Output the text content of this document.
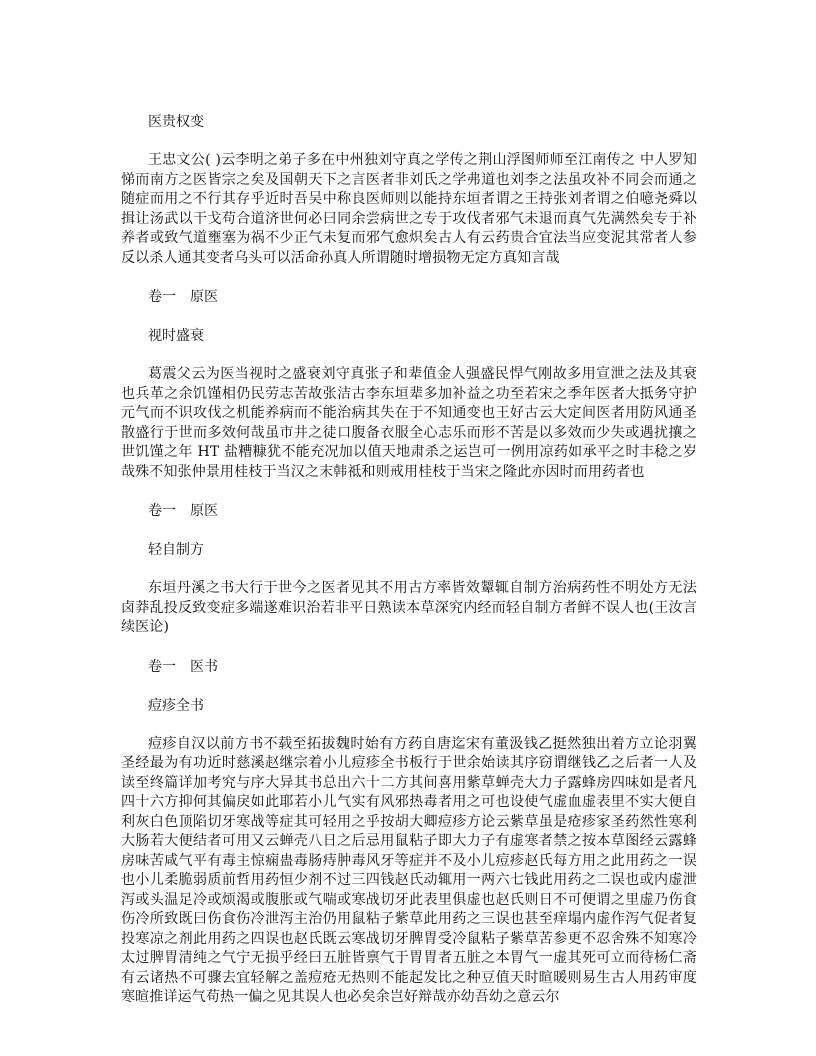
医贵权变

王忠文公( )云李明之弟子多在中州独刘守真之学传之荆山浮图师师至江南传之 中人罗知悌而南方之医皆宗之矣及国朝天下之言医者非刘氏之学弗道也刘李之法虽攻补不同会而通之随症而用之不行其存乎近时吾吴中称良医师则以能持东垣者谓之王持张刘者谓之伯噫尧舜以揖让汤武以干戈苟合道济世何必曰同余尝病世之专于攻伐者邪气未退而真气先满然矣专于补养者或致气道壅塞为祸不少正气未复而邪气愈炽矣古人有云药贵合宜法当应变泥其常者人参反以杀人通其变者乌头可以活命孙真人所谓随时增损物无定方真知言哉

卷一　原医
视时盛衰

葛震父云为医当视时之盛衰刘守真张子和辈值金人强盛民悍气刚故多用宣泄之法及其衰也兵革之余饥馑相仍民劳志苦故张洁古李东垣辈多加补益之功至若宋之季年医者大抵务守护元气而不识攻伐之机能养病而不能治病其失在于不知通变也王好古云大定间医者用防风通圣散盛行于世而多效何哉虽市井之徒口腹备衣服全心志乐而形不苦是以多效而少失或遇扰攘之世饥馑之年 HT 盐糟糠犹不能充况加以值天地肃杀之运岂可一例用凉药如承平之时丰稔之岁哉殊不知张仲景用桂枝于当汉之末韩祗和则戒用桂枝于当宋之隆此亦因时而用药者也

卷一　原医
轻自制方

东垣丹溪之书大行于世今之医者见其不用古方率皆效颦辄自制方治病药性不明处方无法卤莽乱投反致变症多端遂难识治若非平日熟读本草深究内经而轻自制方者鲜不误人也(王汝言续医论)

卷一　医书
痘疹全书

痘疹自汉以前方书不载至拓拔魏时始有方药自唐迄宋有董汲钱乙挺然独出着方立论羽翼圣经最为有功近时慈溪赵继宗着小儿痘疹全书板行于世余始读其序窃谓继钱乙之后者一人及读至终篇详加考究与序大异其书总出六十二方其间喜用紫草蝉壳大力子露蜂房四味如是者凡四十六方抑何其偏戾如此耶若小儿气实有风邪热毒者用之可也设使气虚血虚表里不实大便自利灰白色顶陷切牙寒战等症其可轻用之乎按胡大卿痘疹方论云紫草虽是疮疹家圣药然性寒利大肠若大便结者可用又云蝉壳八日之后忌用鼠粘子即大力子有虚寒者禁之按本草图经云露蜂房味苦咸气平有毒主惊痫蛊毒肠痔肿毒风牙等症并不及小儿痘疹赵氏每方用之此用药之一误也小儿柔脆弱质前哲用药恒少剂不过三四钱赵氏动辄用一两六七钱此用药之二误也或内虚泄泻或头温足冷或烦渴或腹胀或气喘或寒战切牙此表里俱虚也赵氏则日不可便谓之里虚乃伤食伤冷所致既曰伤食伤冷泄泻主治仍用鼠粘子紫草此用药之三误也甚至痒塌内虚作泻气促者复投寒凉之剂此用药之四误也赵氏既云寒战切牙脾胃受冷鼠粘子紫草苦参更不忍舍殊不知寒冷太过脾胃清纯之气宁无损乎经曰五脏皆禀气于胃胃者五脏之本胃气一虚其死可立而待杨仁斋有云诸热不可骤去宜轻解之盖痘疮无热则不能起发比之种豆值天时暄暖则易生古人用药审度寒暄推详运气苟热一偏之见其误人也必矣余岂好辩哉亦幼吾幼之意云尔
